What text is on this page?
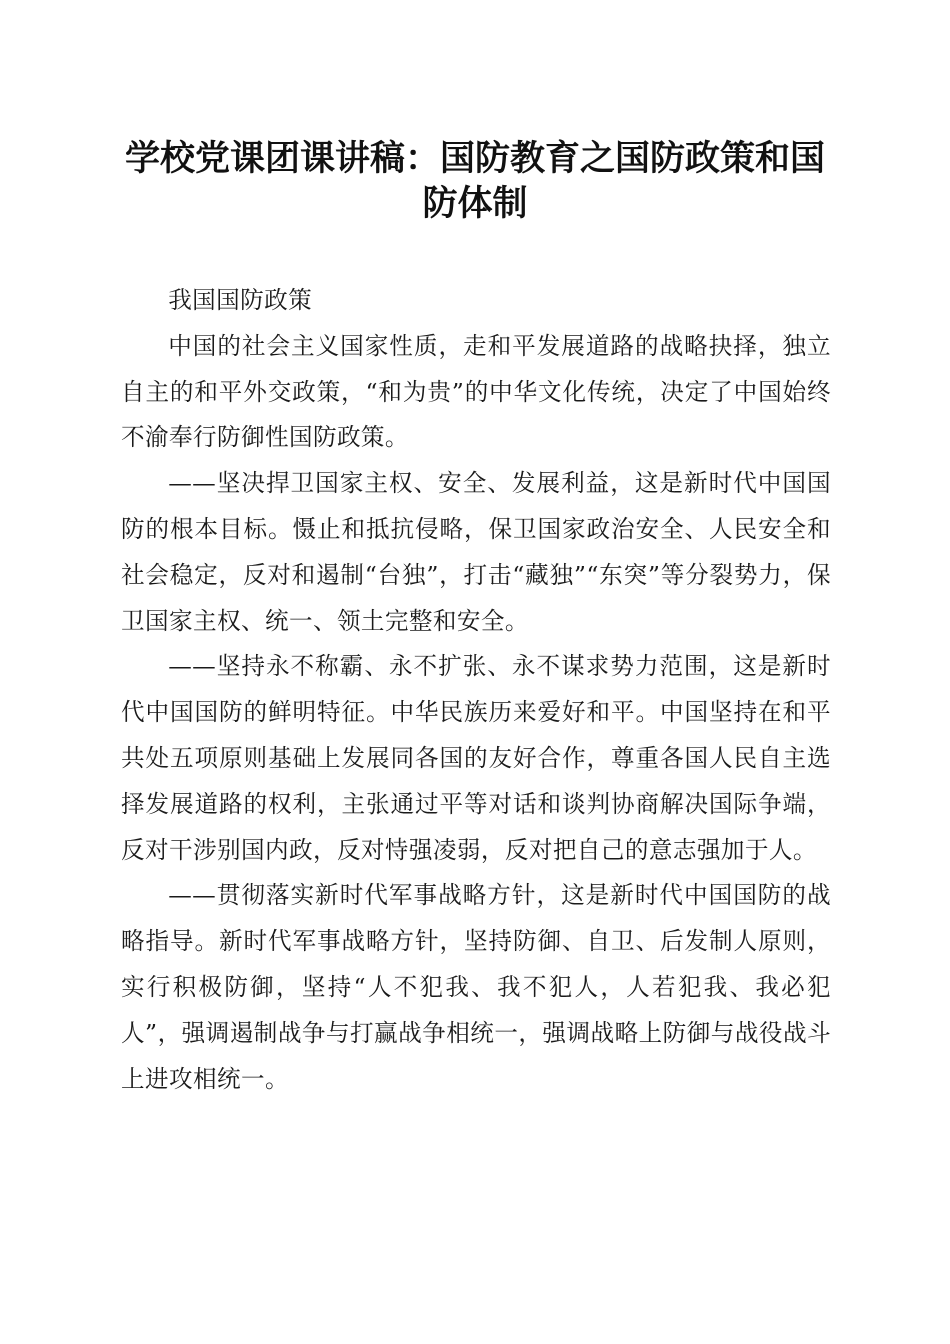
学校党课团课讲稿：国防教育之国防政策和国
防体制

我国国防政策

中国的社会主义国家性质，走和平发展道路的战略抉择，独立自主的和平外交政策，“和为贵”的中华文化传统，决定了中国始终不渝奉行防御性国防政策。

——坚决捍卫国家主权、安全、发展利益，这是新时代中国国防的根本目标。慑止和抵抗侵略，保卫国家政治安全、人民安全和社会稳定，反对和遏制“台独”，打击“藏独”“东突”等分裂势力，保卫国家主权、统一、领土完整和安全。

——坚持永不称霸、永不扩张、永不谋求势力范围，这是新时代中国国防的鲜明特征。中华民族历来爱好和平。中国坚持在和平共处五项原则基础上发展同各国的友好合作，尊重各国人民自主选择发展道路的权利，主张通过平等对话和谈判协商解决国际争端，反对干涉别国内政，反对恃强凌弱，反对把自己的意志强加于人。

——贯彻落实新时代军事战略方针，这是新时代中国国防的战略指导。新时代军事战略方针，坚持防御、自卫、后发制人原则，实行积极防御，坚持“人不犯我、我不犯人，人若犯我、我必犯人”，强调遏制战争与打赢战争相统一，强调战略上防御与战役战斗上进攻相统一。
